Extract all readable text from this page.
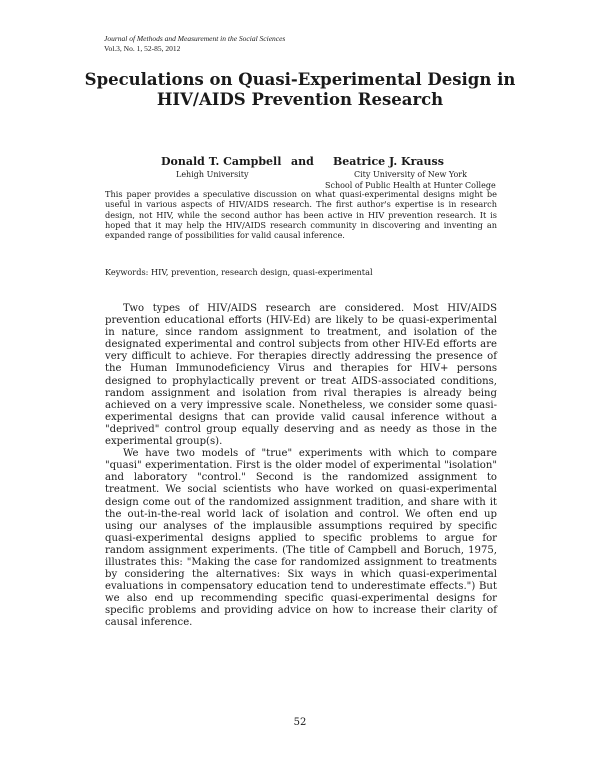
Journal of Methods and Measurement in the Social Sciences
Vol.3, No. 1, 52-85, 2012
Speculations on Quasi-Experimental Design in
HIV/AIDS Prevention Research
Donald T. Campbell and Beatrice J. Krauss
Lehigh University	City University of New York
School of Public Health at Hunter College
This paper provides a speculative discussion on what quasi-experimental designs might be useful in various aspects of HIV/AIDS research. The first author's expertise is in research design, not HIV, while the second author has been active in HIV prevention research. It is hoped that it may help the HIV/AIDS research community in discovering and inventing an expanded range of possibilities for valid causal inference.
Keywords: HIV, prevention, research design, quasi-experimental

Two types of HIV/AIDS research are considered. Most HIV/AIDS prevention educational efforts (HIV-Ed) are likely to be quasi-experimental in nature, since random assignment to treatment, and isolation of the designated experimental and control subjects from other HIV-Ed efforts are very difficult to achieve. For therapies directly addressing the presence of the Human Immunodeficiency Virus and therapies for HIV+ persons designed to prophylactically prevent or treat AIDS-associated conditions, random assignment and isolation from rival therapies is already being achieved on a very impressive scale. Nonetheless, we consider some quasi-experimental designs that can provide valid causal inference without a "deprived" control group equally deserving and as needy as those in the experimental group(s).

We have two models of "true" experiments with which to compare "quasi" experimentation. First is the older model of experimental "isolation" and laboratory "control." Second is the randomized assignment to treatment. We social scientists who have worked on quasi-experimental design come out of the randomized assignment tradition, and share with it the out-in-the-real world lack of isolation and control. We often end up using our analyses of the implausible assumptions required by specific quasi-experimental designs applied to specific problems to argue for random assignment experiments. (The title of Campbell and Boruch, 1975, illustrates this: "Making the case for randomized assignment to treatments by considering the alternatives: Six ways in which quasi-experimental evaluations in compensatory education tend to underestimate effects.") But we also end up recommending specific quasi-experimental designs for specific problems and providing advice on how to increase their clarity of causal inference.

52
